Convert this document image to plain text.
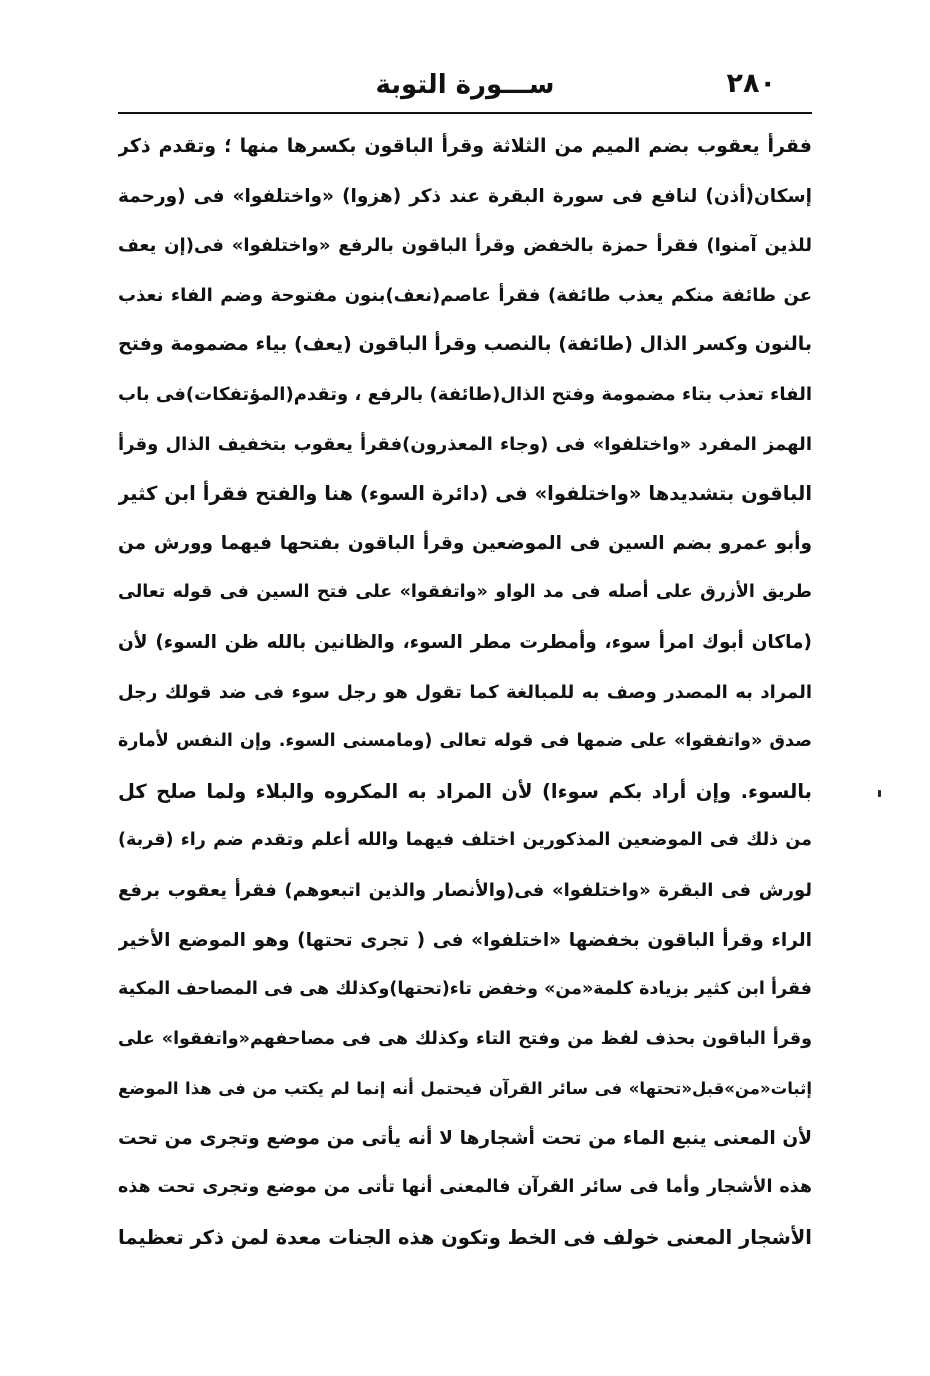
٢٨٠
ســـورة التوبة
فقرأ يعقوب بضم الميم من الثلاثة وقرأ الباقون بكسرها منها ؛ وتقدم ذكر
إسكان(أذن) لنافع فى سورة البقرة عند ذكر (هزوا) «واختلفوا» فى (ورحمة
للذين آمنوا) فقرأ حمزة بالخفض وقرأ الباقون بالرفع «واختلفوا» فى(إن يعف
عن طائفة منكم يعذب طائفة) فقرأ عاصم(نعف)بنون مفتوحة وضم الفاء نعذب
بالنون وكسر الذال (طائفة) بالنصب وقرأ الباقون (يعف) بياء مضمومة وفتح
الفاء تعذب بتاء مضمومة وفتح الذال(طائفة) بالرفع ، وتقدم(المؤتفكات)فى باب
الهمز المفرد «واختلفوا» فى (وجاء المعذرون)فقرأ يعقوب بتخفيف الذال وقرأ
الباقون بتشديدها «واختلفوا» فى (دائرة السوء) هنا والفتح فقرأ ابن كثير
وأبو عمرو بضم السين فى الموضعين وقرأ الباقون بفتحها فيهما وورش من
طريق الأزرق على أصله فى مد الواو «واتفقوا» على فتح السين فى قوله تعالى
(ماكان أبوك امرأ سوء، وأمطرت مطر السوء، والظانين بالله ظن السوء) لأن
المراد به المصدر وصف به للمبالغة كما تقول هو رجل سوء فى ضد قولك رجل
صدق «واتفقوا» على ضمها فى قوله تعالى (ومامسنى السوء. وإن النفس لأمارة
بالسوء. وإن أراد بكم سوءا) لأن المراد به المكروه والبلاء ولما صلح كل
من ذلك فى الموضعين المذكورين اختلف فيهما والله أعلم وتقدم ضم راء (قربة)
لورش فى البقرة «واختلفوا» فى(والأنصار والذين اتبعوهم) فقرأ يعقوب برفع
الراء وقرأ الباقون بخفضها «اختلفوا» فى ( تجرى تحتها) وهو الموضع الأخير
فقرأ ابن كثير بزيادة كلمة«من» وخفض تاء(تحتها)وكذلك هى فى المصاحف المكية
وقرأ الباقون بحذف لفظ من وفتح التاء وكذلك هى فى مصاحفهم«واتفقوا» على
إثبات«من»قبل«تحتها» فى سائر القرآن فيحتمل أنه إنما لم يكتب من فى هذا الموضع
لأن المعنى ينبع الماء من تحت أشجارها لا أنه يأتى من موضع وتجرى من تحت
هذه الأشجار وأما فى سائر القرآن فالمعنى أنها تأتى من موضع وتجرى تحت هذه
الأشجار المعنى خولف فى الخط وتكون هذه الجنات معدة لمن ذكر تعظيما
